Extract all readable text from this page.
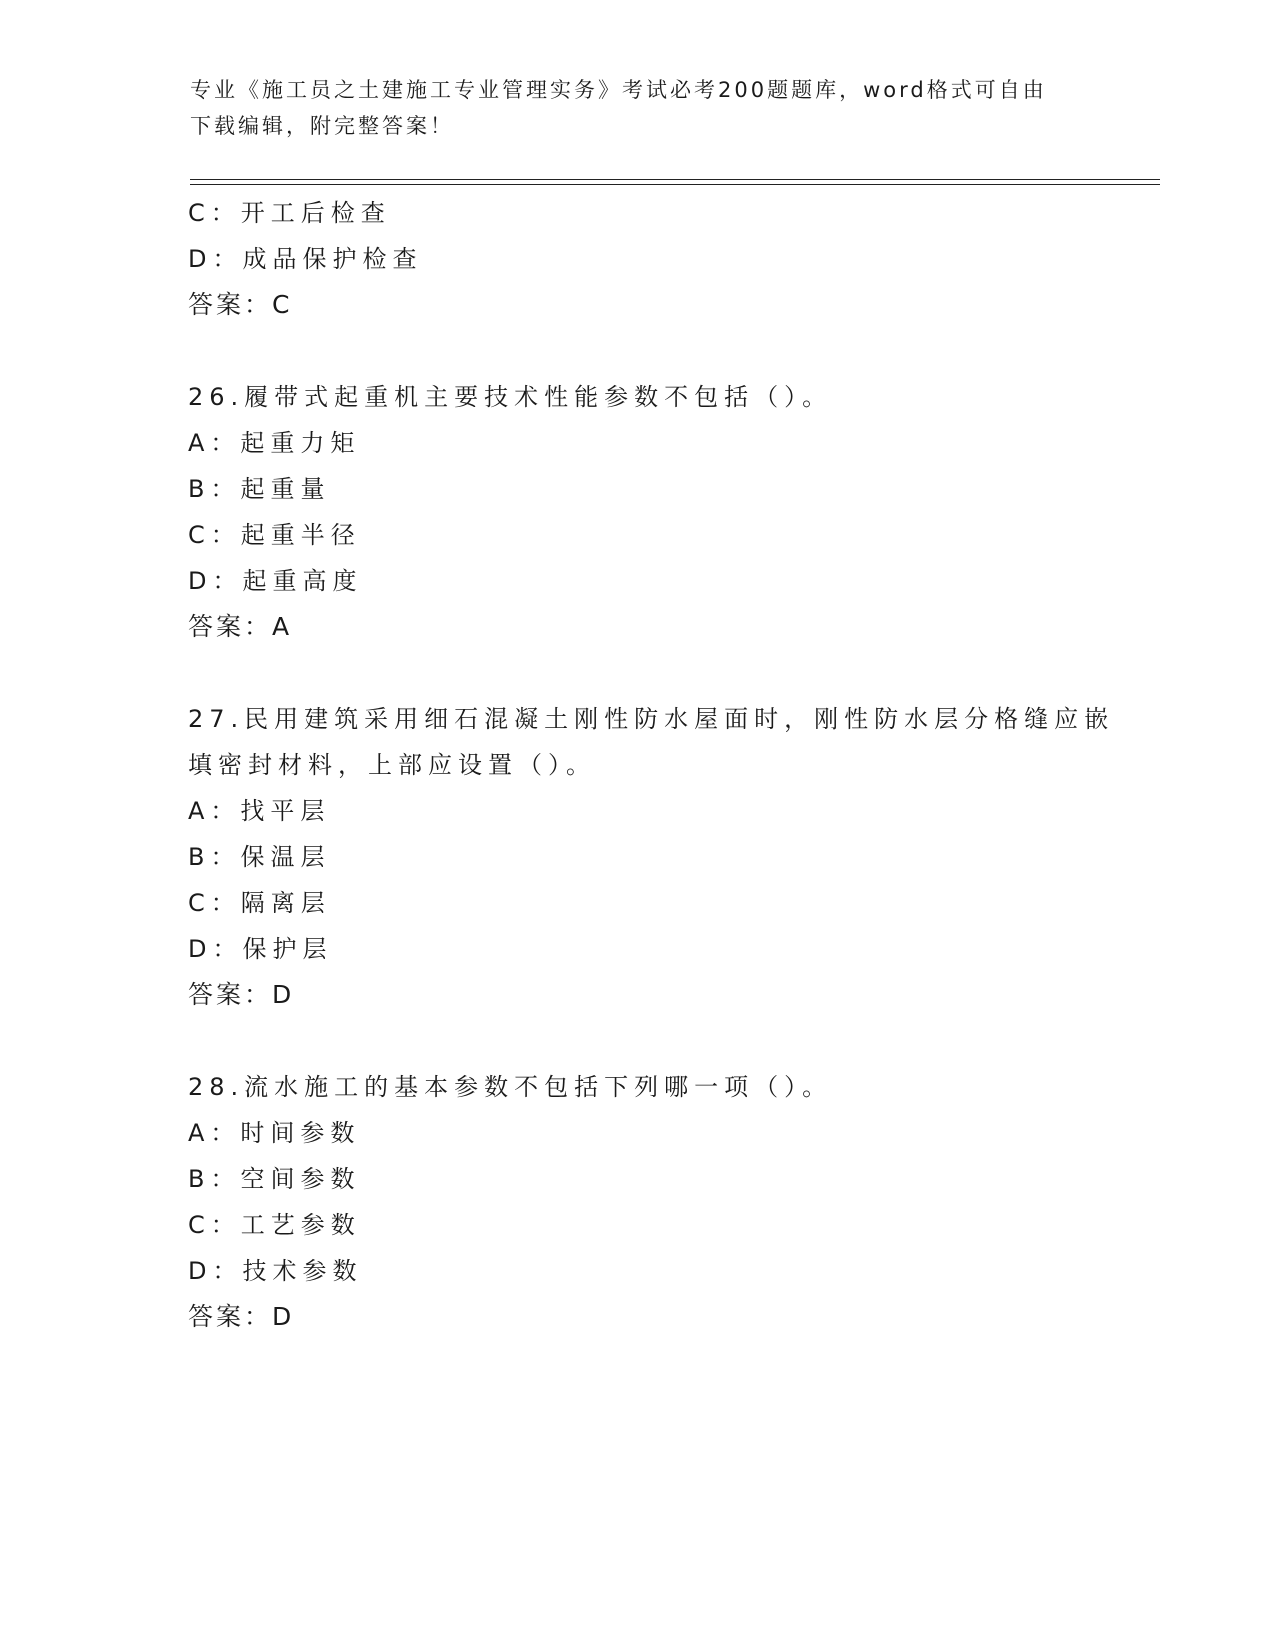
专业《施工员之土建施工专业管理实务》考试必考200题题库，word格式可自由
下载编辑，附完整答案！
C：开工后检查
D：成品保护检查
答案：C
26.履带式起重机主要技术性能参数不包括（）。
A：起重力矩
B：起重量
C：起重半径
D：起重高度
答案：A
27.民用建筑采用细石混凝土刚性防水屋面时，刚性防水层分格缝应嵌
填密封材料，上部应设置（）。
A：找平层
B：保温层
C：隔离层
D：保护层
答案：D
28.流水施工的基本参数不包括下列哪一项（）。
A：时间参数
B：空间参数
C：工艺参数
D：技术参数
答案：D
